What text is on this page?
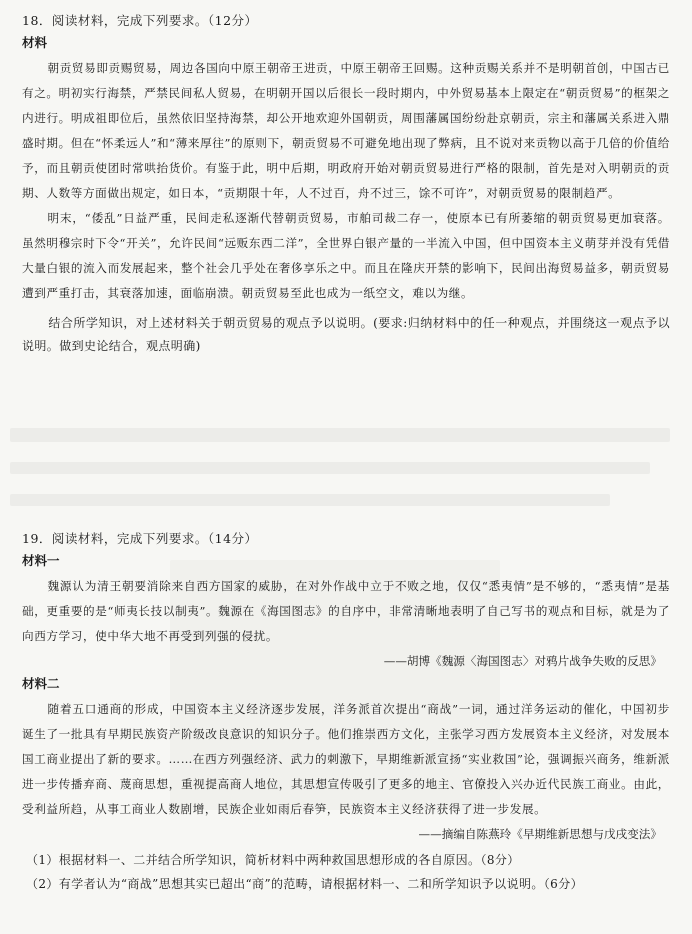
18．阅读材料，完成下列要求。（12分）
材料

朝贡贸易即贡赐贸易，周边各国向中原王朝帝王进贡，中原王朝帝王回赐。这种贡赐关系并不是明朝首创，中国古已有之。明初实行海禁，严禁民间私人贸易，在明朝开国以后很长一段时期内，中外贸易基本上限定在“朝贡贸易”的框架之内进行。明成祖即位后，虽然依旧坚持海禁，却公开地欢迎外国朝贡，周围藩属国纷纷赴京朝贡，宗主和藩属关系进入鼎盛时期。但在“怀柔远人”和“薄来厚往”的原则下，朝贡贸易不可避免地出现了弊病，且不说对来贡物以高于几倍的价值给予，而且朝贡使团时常哄抬货价。有鉴于此，明中后期，明政府开始对朝贡贸易进行严格的限制，首先是对入明朝贡的贡期、人数等方面做出规定，如日本，“贡期限十年，人不过百，舟不过三，馀不可许”，对朝贡贸易的限制趋严。

明末，“倭乱”日益严重，民间走私逐渐代替朝贡贸易，市舶司裁二存一，使原本已有所萎缩的朝贡贸易更加衰落。虽然明穆宗时下令“开关”，允许民间“远贩东西二洋”，全世界白银产量的一半流入中国，但中国资本主义萌芽并没有凭借大量白银的流入而发展起来，整个社会几乎处在奢侈享乐之中。而且在隆庆开禁的影响下，民间出海贸易益多，朝贡贸易遭到严重打击，其衰落加速，面临崩溃。朝贡贸易至此也成为一纸空文，难以为继。

结合所学知识，对上述材料关于朝贡贸易的观点予以说明。(要求:归纳材料中的任一种观点，并围绕这一观点予以说明。做到史论结合，观点明确)

19．阅读材料，完成下列要求。（14分）
材料一

魏源认为清王朝要消除来自西方国家的威胁，在对外作战中立于不败之地，仅仅“悉夷情”是不够的，“悉夷情”是基础，更重要的是“师夷长技以制夷”。魏源在《海国图志》的自序中，非常清晰地表明了自己写书的观点和目标，就是为了向西方学习，使中华大地不再受到列强的侵扰。

——胡博《魏源〈海国图志〉对鸦片战争失败的反思》
材料二

随着五口通商的形成，中国资本主义经济逐步发展，洋务派首次提出“商战”一词，通过洋务运动的催化，中国初步诞生了一批具有早期民族资产阶级改良意识的知识分子。他们推崇西方文化，主张学习西方发展资本主义经济，对发展本国工商业提出了新的要求。……在西方列强经济、武力的刺激下，早期维新派宣扬“实业救国”论，强调振兴商务，维新派进一步传播弃商、蔑商思想，重视提高商人地位，其思想宣传吸引了更多的地主、官僚投入兴办近代民族工商业。由此，受利益所趋，从事工商业人数剧增，民族企业如雨后春笋，民族资本主义经济获得了进一步发展。

——摘编自陈燕玲《早期维新思想与戊戌变法》

（1）根据材料一、二并结合所学知识，简析材料中两种救国思想形成的各自原因。（8分）

（2）有学者认为“商战”思想其实已超出“商”的范畴，请根据材料一、二和所学知识予以说明。（6分）
